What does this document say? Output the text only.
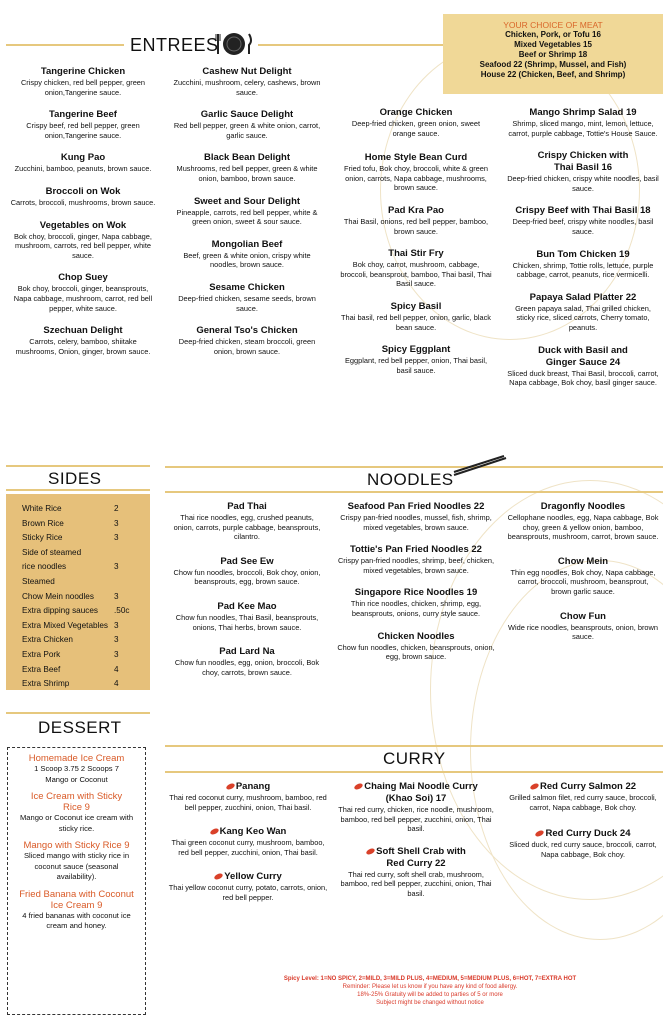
ENTREES
YOUR CHOICE OF MEAT
Chicken, Pork, or Tofu 16
Mixed Vegetables 15
Beef or Shrimp 18
Seafood 22 (Shrimp, Mussel, and Fish)
House 22 (Chicken, Beef, and Shrimp)
Tangerine Chicken
Crispy chicken, red bell pepper, green onion,Tangerine sauce.
Tangerine Beef
Crispy beef, red bell pepper, green onion,Tangerine sauce.
Kung Pao
Zucchini, bamboo, peanuts, brown sauce.
Broccoli on Wok
Carrots, broccoli, mushrooms, brown sauce.
Vegetables on Wok
Bok choy, broccoli, ginger, Napa cabbage, mushroom, carrots, red bell pepper, white sauce.
Chop Suey
Bok choy, broccoli, ginger, beansprouts, Napa cabbage, mushroom, carrot, red bell pepper, white sauce.
Szechuan Delight
Carrots, celery, bamboo, shiitake mushrooms, Onion, ginger, brown sauce.
Cashew Nut Delight
Zucchini, mushroom, celery, cashews, brown sauce.
Garlic Sauce Delight
Red bell pepper, green & white onion, carrot, garlic sauce.
Black Bean Delight
Mushrooms, red bell pepper, green & white onion, bamboo, brown sauce.
Sweet and Sour Delight
Pineapple, carrots, red bell pepper, white & green onion, sweet & sour sauce.
Mongolian Beef
Beef, green & white onion, crispy white noodles, brown sauce.
Sesame Chicken
Deep-fried chicken, sesame seeds, brown sauce.
General Tso's Chicken
Deep-fried chicken, steam broccoli, green onion, brown sauce.
Orange Chicken
Deep-fried chicken, green onion, sweet orange sauce.
Home Style Bean Curd
Fried tofu, Bok choy, broccoli, white & green onion, carrots, Napa cabbage, mushrooms, brown sauce.
Pad Kra Pao
Thai Basil, onions, red bell pepper, bamboo, brown sauce.
Thai Stir Fry
Bok choy, carrot, mushroom, cabbage, broccoli, beansprout, bamboo, Thai basil, Thai Basil sauce.
Spicy Basil
Thai basil, red bell pepper, onion, garlic, black bean sauce.
Spicy Eggplant
Eggplant, red bell pepper, onion, Thai basil, basil sauce.
Mango Shrimp Salad 19
Shrimp, sliced mango, mint, lemon, lettuce, carrot, purple cabbage, Tottie's House Sauce.
Crispy Chicken with Thai Basil 16
Deep-fried chicken, crispy white noodles, basil sauce.
Crispy Beef with Thai Basil 18
Deep-fried beef, crispy white noodles, basil sauce.
Bun Tom Chicken 19
Chicken, shrimp, Tottie rolls, lettuce, purple cabbage, carrot, peanuts, rice vermicelli.
Papaya Salad Platter 22
Green papaya salad, Thai grilled chicken, sticky rice, sliced carrots, Cherry tomato, peanuts.
Duck with Basil and Ginger Sauce 24
Sliced duck breast, Thai Basil, broccoli, carrot, Napa cabbage, Bok choy, basil ginger sauce.
SIDES
White Rice	2
Brown Rice	3
Sticky Rice	3
Side of steamed
rice noodles	3
Steamed
Chow Mein noodles 3
Extra dipping sauces .50c
Extra Mixed Vegetables 3
Extra Chicken	3
Extra Pork	3
Extra Beef	4
Extra Shrimp	4
DESSERT
Homemade Ice Cream
1 Scoop 3.75 2 Scoops 7 Mango or Coconut
Ice Cream with Sticky Rice 9
Mango or Coconut ice cream with sticky rice.
Mango with Sticky Rice 9
Sliced mango with sticky rice in coconut sauce (seasonal availability).
Fried Banana with Coconut Ice Cream 9
4 fried bananas with coconut ice cream and honey.
NOODLES
Pad Thai
Thai rice noodles, egg, crushed peanuts, onion, carrots, purple cabbage, beansprouts, cilantro.
Pad See Ew
Chow fun noodles, broccoli, Bok choy, onion, beansprouts, egg, brown sauce.
Pad Kee Mao
Chow fun noodles, Thai Basil, beansprouts, onions, Thai herbs, brown sauce.
Pad Lard Na
Chow fun noodles, egg, onion, broccoli, Bok choy, carrots, brown sauce.
Seafood Pan Fried Noodles 22
Crispy pan-fried noodles, mussel, fish, shrimp, mixed vegetables, brown sauce.
Tottie's Pan Fried Noodles 22
Crispy pan-fried noodles, shrimp, beef, chicken, mixed vegetables, brown sauce.
Singapore Rice Noodles 19
Thin rice noodles, chicken, shrimp, egg, beansprouts, onions, curry style sauce.
Chicken Noodles
Chow fun noodles, chicken, beansprouts, onion, egg, brown sauce.
Dragonfly Noodles
Cellophane noodles, egg, Napa cabbage, Bok choy, green & yellow onion, bamboo, beansprouts, mushroom, carrot, brown sauce.
Chow Mein
Thin egg noodles, Bok choy, Napa cabbage, carrot, broccoli, mushroom, beansprout, brown garlic sauce.
Chow Fun
Wide rice noodles, beansprouts, onion, brown sauce.
CURRY
Panang
Thai red coconut curry, mushroom, bamboo, red bell pepper, zucchini, onion, Thai basil.
Kang Keo Wan
Thai green coconut curry, mushroom, bamboo, red bell pepper, zucchini, onion, Thai basil.
Yellow Curry
Thai yellow coconut curry, potato, carrots, onion, red bell pepper.
Chaing Mai Noodle Curry (Khao Soi) 17
Thai red curry, chicken, rice noodle, mushroom, bamboo, red bell pepper, zucchini, onion, Thai basil.
Soft Shell Crab with Red Curry 22
Thai red curry, soft shell crab, mushroom, bamboo, red bell pepper, zucchini, onion, Thai basil.
Red Curry Salmon 22
Grilled salmon filet, red curry sauce, broccoli, carrot, Napa cabbage, Bok choy.
Red Curry Duck 24
Sliced duck, red curry sauce, broccoli, carrot, Napa cabbage, Bok choy.
Spicy Level: 1=NO SPICY, 2=MILD, 3=MILD PLUS, 4=MEDIUM, 5=MEDIUM PLUS, 6=HOT, 7=EXTRA HOT
Reminder: Please let us know if you have any kind of food allergy.
18%-25% Gratuity will be added to parties of 5 or more
Subject might be changed without notice
